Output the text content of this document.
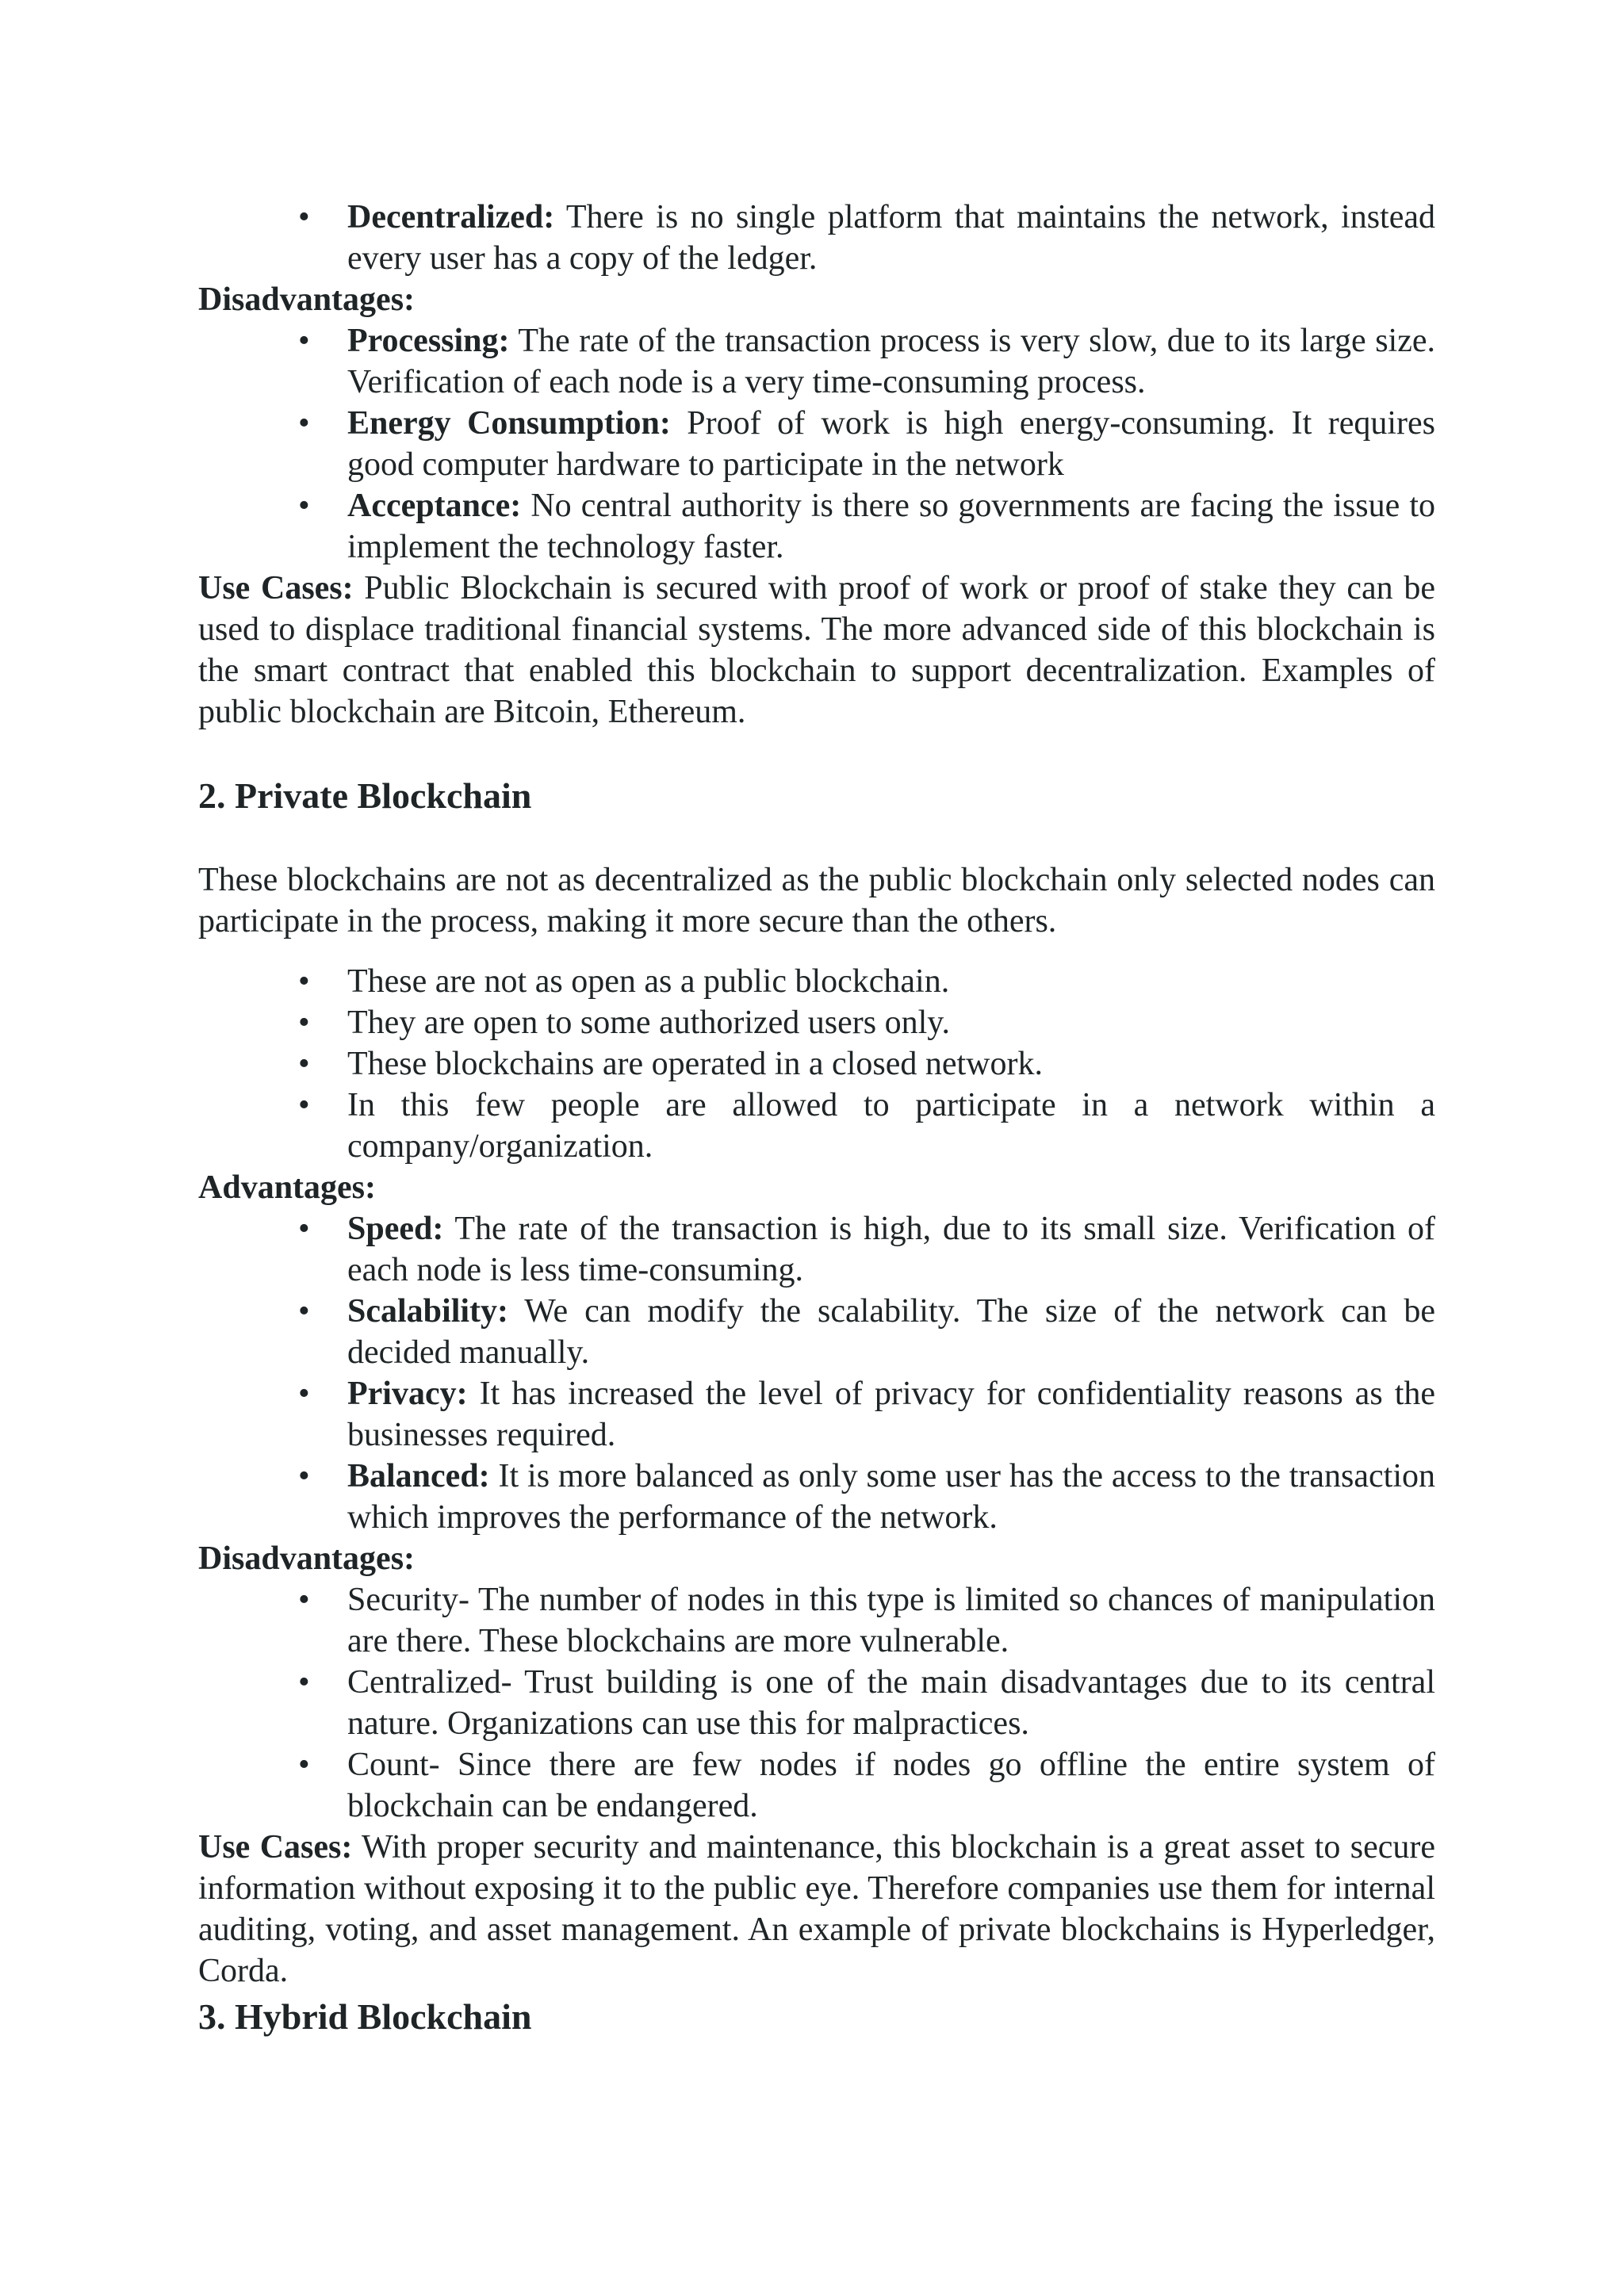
• Decentralized: There is no single platform that maintains the network, instead every user has a copy of the ledger.

Disadvantages:

• Processing: The rate of the transaction process is very slow, due to its large size. Verification of each node is a very time-consuming process.
• Energy Consumption: Proof of work is high energy-consuming. It requires good computer hardware to participate in the network
• Acceptance: No central authority is there so governments are facing the issue to implement the technology faster.

Use Cases: Public Blockchain is secured with proof of work or proof of stake they can be used to displace traditional financial systems. The more advanced side of this blockchain is the smart contract that enabled this blockchain to support decentralization. Examples of public blockchain are Bitcoin, Ethereum.

2. Private Blockchain

These blockchains are not as decentralized as the public blockchain only selected nodes can participate in the process, making it more secure than the others.

• These are not as open as a public blockchain.
• They are open to some authorized users only.
• These blockchains are operated in a closed network.
• In this few people are allowed to participate in a network within a company/organization.

Advantages:

• Speed: The rate of the transaction is high, due to its small size. Verification of each node is less time-consuming.
• Scalability: We can modify the scalability. The size of the network can be decided manually.
• Privacy: It has increased the level of privacy for confidentiality reasons as the businesses required.
• Balanced: It is more balanced as only some user has the access to the transaction which improves the performance of the network.

Disadvantages:

• Security- The number of nodes in this type is limited so chances of manipulation are there. These blockchains are more vulnerable.
• Centralized- Trust building is one of the main disadvantages due to its central nature. Organizations can use this for malpractices.
• Count- Since there are few nodes if nodes go offline the entire system of blockchain can be endangered.

Use Cases: With proper security and maintenance, this blockchain is a great asset to secure information without exposing it to the public eye. Therefore companies use them for internal auditing, voting, and asset management. An example of private blockchains is Hyperledger, Corda.

3. Hybrid Blockchain
